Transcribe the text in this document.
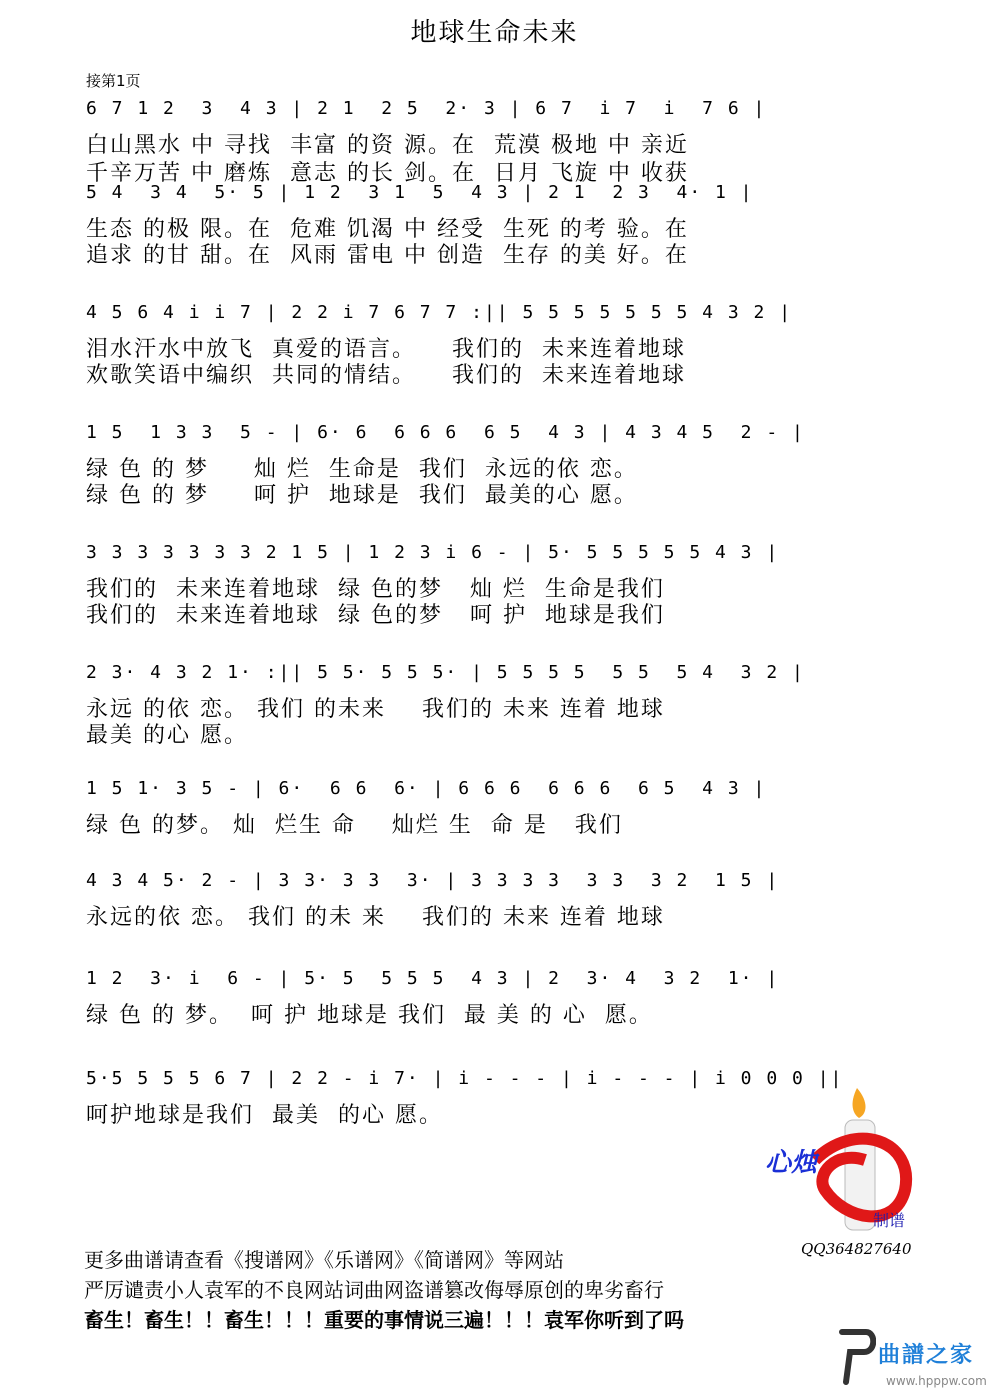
地球生命未来
接第1页
6 7 1 2  3  4 3 | 2 1  2 5  2· 3 | 6 7  i 7  i  7 6 |
白山黑水 中 寻找  丰富 的资 源。在  荒漠 极地 中 亲近
千辛万苦 中 磨炼  意志 的长 剑。在  日月 飞旋 中 收获
5 4  3 4  5· 5 | 1 2  3 1  5  4 3 | 2 1  2 3  4· 1 |
生态 的极 限。在  危难 饥渴 中 经受  生死 的考 验。在
追求 的甘 甜。在  风雨 雷电 中 创造  生存 的美 好。在
4 5 6 4 i i 7 | 2 2 i 7 6 7 7 :|| 5 5 5 5 5 5 5 4 3 2 |
泪水汗水中放飞  真爱的语言。    我们的  未来连着地球
欢歌笑语中编织  共同的情结。    我们的  未来连着地球
1 5  1 3 3  5 - | 6· 6  6 6 6  6 5  4 3 | 4 3 4 5  2 - |
绿 色 的 梦     灿 烂  生命是  我们  永远的依 恋。
绿 色 的 梦     呵 护  地球是  我们  最美的心 愿。
3 3 3 3 3 3 3 2 1 5 | 1 2 3 i 6 - | 5· 5 5 5 5 5 4 3 |
我们的  未来连着地球  绿 色的梦   灿 烂  生命是我们
我们的  未来连着地球  绿 色的梦   呵 护  地球是我们
2 3· 4 3 2 1· :|| 5 5· 5 5 5· | 5 5 5 5  5 5  5 4  3 2 |
永远 的依 恋。 我们 的未来    我们的 未来 连着 地球
最美 的心 愿。
1 5 1· 3 5 - | 6·  6 6  6· | 6 6 6  6 6 6  6 5  4 3 |
绿 色 的梦。 灿  烂生 命    灿烂 生  命 是   我们
4 3 4 5· 2 - | 3 3· 3 3  3· | 3 3 3 3  3 3  3 2  1 5 |
永远的依 恋。 我们 的未 来    我们的 未来 连着 地球
1 2  3· i  6 - | 5· 5  5 5 5  4 3 | 2  3· 4  3 2  1· |
绿 色 的 梦。  呵 护 地球是 我们  最 美 的 心  愿。
5·5 5 5 5 6 7 | 2 2 - i 7· | i - - - | i - - - | i 0 0 0 ||
呵护地球是我们  最美  的心 愿。
更多曲谱请查看《搜谱网》《乐谱网》《简谱网》等网站
严厉谴责小人袁军的不良网站词曲网盗谱篡改侮辱原创的卑劣畜行
畜生！畜生！！畜生！！！重要的事情说三遍！！！袁军你听到了吗
心烛
制谱
QQ364827640
曲譜之家
www.hpppw.com
